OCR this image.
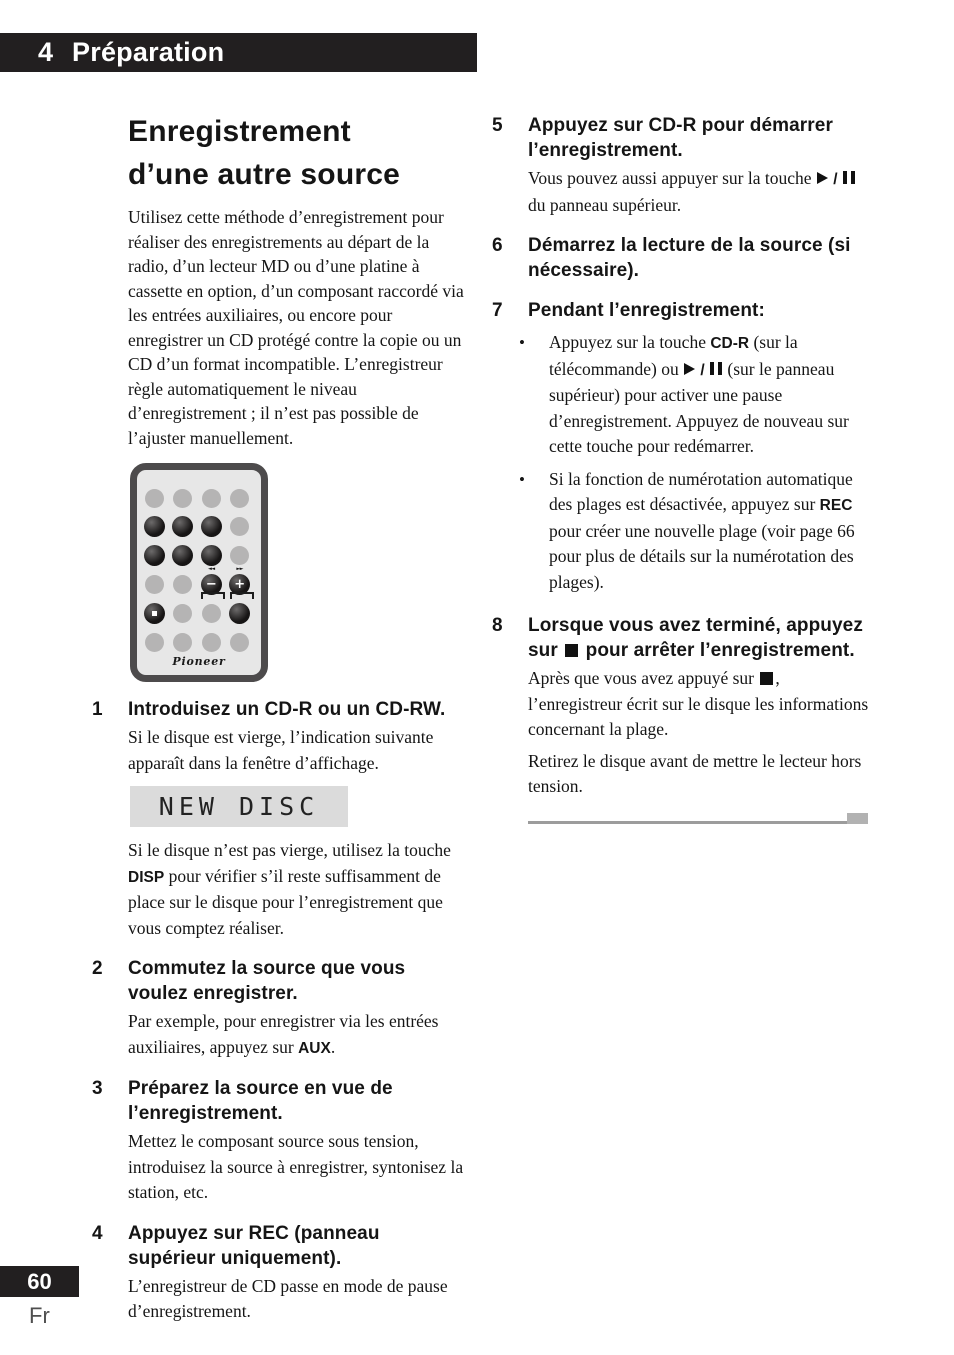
4 Préparation
Enregistrement d’une autre source

Utilisez cette méthode d’enregistrement pour réaliser des enregistrements au départ de la radio, d’un lecteur MD ou d’une platine à cassette en option, d’un composant raccordé via les entrées auxiliaires, ou encore pour enregistrer un CD protégé contre la copie ou un CD d’un format incompatible. L’enregistreur règle automatiquement le niveau d’enregistrement ; il n’est pas possible de l’ajuster manuellement.

−	+
◄◄	►►
Pioneer
1	Introduisez un CD-R ou un CD-RW.

Si le disque est vierge, l’indication suivante apparaît dans la fenêtre d’affichage.

NEW DISC

Si le disque n’est pas vierge, utilisez la touche DISP pour vérifier s’il reste suffisamment de place sur le disque pour l’enregistrement que vous comptez réaliser.

2	Commutez la source que vous voulez enregistrer.

Par exemple, pour enregistrer via les entrées auxiliaires, appuyez sur AUX.

3	Préparez la source en vue de l’enregistrement.

Mettez le composant source sous tension, introduisez la source à enregistrer, syntonisez la station, etc.

4	Appuyez sur REC (panneau supérieur uniquement).

L’enregistreur de CD passe en mode de pause d’enregistrement.

5	Appuyez sur CD-R pour démarrer l’enregistrement.

Vous pouvez aussi appuyer sur la touche  /  du panneau supérieur.

6	Démarrez la lecture de la source (si nécessaire).
7	Pendant l’enregistrement:
•	Appuyez sur la touche CD-R (sur la télécommande) ou  /  (sur le panneau supérieur) pour activer une pause d’enregistrement. Appuyez de nouveau sur cette touche pour redémarrer.
•	Si la fonction de numérotation automatique des plages est désactivée, appuyez sur REC pour créer une nouvelle plage (voir page 66 pour plus de détails sur la numérotation des plages).
8	Lorsque vous avez terminé, appuyez sur  pour arrêter l’enregistrement.

Après que vous avez appuyé sur , l’enregistreur écrit sur le disque les informations concernant la plage.

Retirez le disque avant de mettre le lecteur hors tension.

60
Fr
